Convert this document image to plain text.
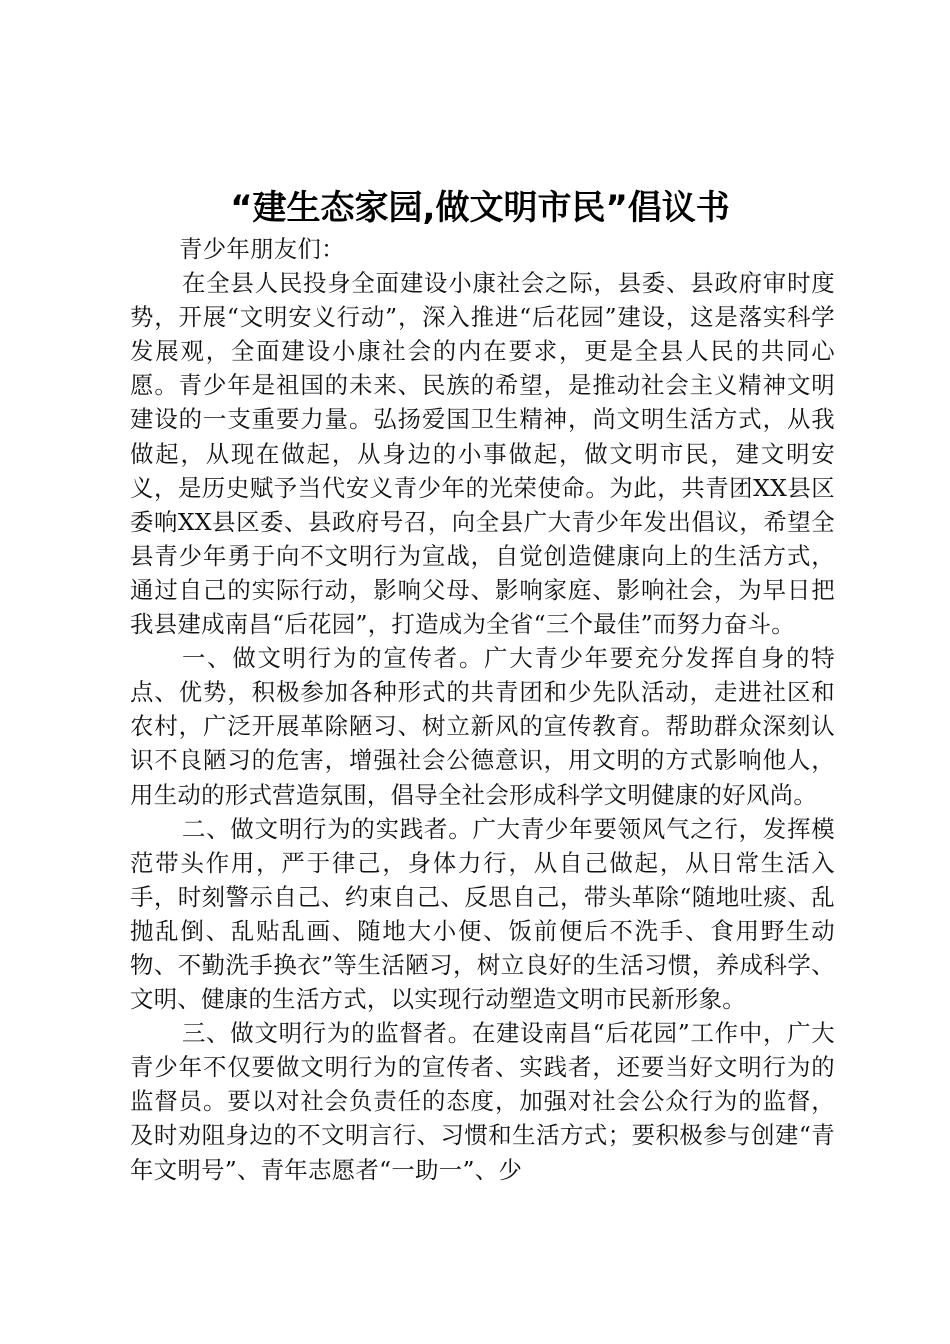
“建生态家园,做文明市民”倡议书

青少年朋友们：

在全县人民投身全面建设小康社会之际，县委、县政府审时度势，开展“文明安义行动”，深入推进“后花园”建设，这是落实科学发展观，全面建设小康社会的内在要求，更是全县人民的共同心愿。青少年是祖国的未来、民族的希望，是推动社会主义精神文明建设的一支重要力量。弘扬爱国卫生精神，尚文明生活方式，从我做起，从现在做起，从身边的小事做起，做文明市民，建文明安义，是历史赋予当代安义青少年的光荣使命。为此，共青团XX县区委响XX县区委、县政府号召，向全县广大青少年发出倡议，希望全县青少年勇于向不文明行为宣战，自觉创造健康向上的生活方式，通过自己的实际行动，影响父母、影响家庭、影响社会，为早日把我县建成南昌“后花园”，打造成为全省“三个最佳”而努力奋斗。

一、做文明行为的宣传者。广大青少年要充分发挥自身的特点、优势，积极参加各种形式的共青团和少先队活动，走进社区和农村，广泛开展革除陋习、树立新风的宣传教育。帮助群众深刻认识不良陋习的危害，增强社会公德意识，用文明的方式影响他人，用生动的形式营造氛围，倡导全社会形成科学文明健康的好风尚。

二、做文明行为的实践者。广大青少年要领风气之行，发挥模范带头作用，严于律己，身体力行，从自己做起，从日常生活入手，时刻警示自己、约束自己、反思自己，带头革除“随地吐痰、乱抛乱倒、乱贴乱画、随地大小便、饭前便后不洗手、食用野生动物、不勤洗手换衣”等生活陋习，树立良好的生活习惯，养成科学、文明、健康的生活方式，以实现行动塑造文明市民新形象。

三、做文明行为的监督者。在建设南昌“后花园”工作中，广大青少年不仅要做文明行为的宣传者、实践者，还要当好文明行为的监督员。要以对社会负责任的态度，加强对社会公众行为的监督，及时劝阻身边的不文明言行、习惯和生活方式；要积极参与创建“青年文明号”、青年志愿者“一助一”、少
